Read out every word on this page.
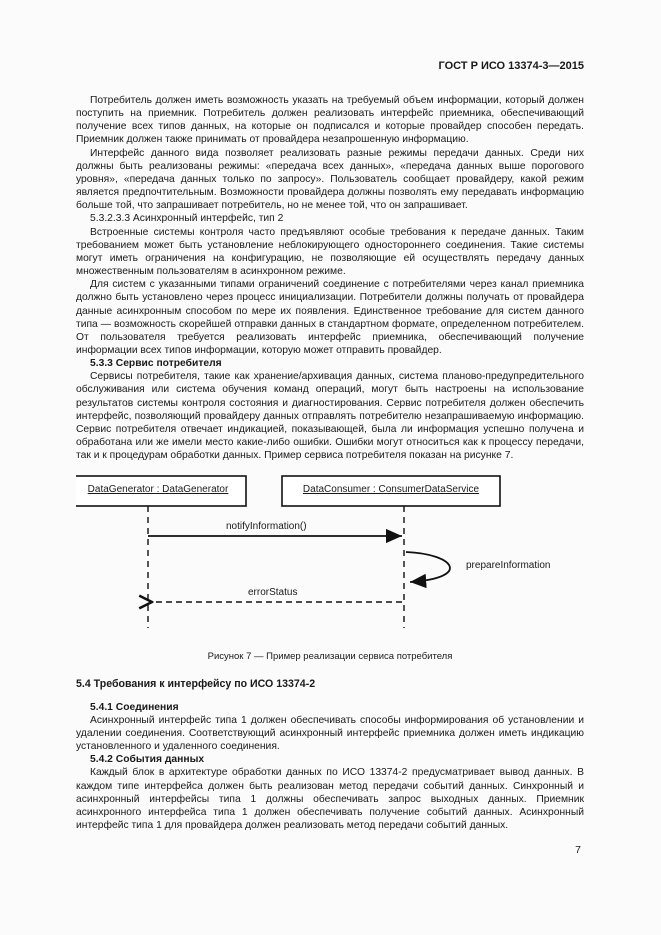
ГОСТ Р ИСО 13374-3—2015

Потребитель должен иметь возможность указать на требуемый объем информации, который должен поступить на приемник. Потребитель должен реализовать интерфейс приемника, обеспечивающий получение всех типов данных, на которые он подписался и которые провайдер способен передать. Приемник должен также принимать от провайдера незапрошенную информацию.

Интерфейс данного вида позволяет реализовать разные режимы передачи данных. Среди них должны быть реализованы режимы: «передача всех данных», «передача данных выше порогового уровня», «передача данных только по запросу». Пользователь сообщает провайдеру, какой режим является предпочтительным. Возможности провайдера должны позволять ему передавать информацию больше той, что запрашивает потребитель, но не менее той, что он запрашивает.

5.3.2.3.3 Асинхронный интерфейс, тип 2

Встроенные системы контроля часто предъявляют особые требования к передаче данных. Таким требованием может быть установление неблокирующего одностороннего соединения. Такие системы могут иметь ограничения на конфигурацию, не позволяющие ей осуществлять передачу данных множественным пользователям в асинхронном режиме.

Для систем с указанными типами ограничений соединение с потребителями через канал приемника должно быть установлено через процесс инициализации. Потребители должны получать от провайдера данные асинхронным способом по мере их появления. Единственное требование для систем данного типа — возможность скорейшей отправки данных в стандартном формате, определенном потребителем. От пользователя требуется реализовать интерфейс приемника, обеспечивающий получение информации всех типов информации, которую может отправить провайдер.

5.3.3 Сервис потребителя

Сервисы потребителя, такие как хранение/архивация данных, система планово-предупредительного обслуживания или система обучения команд операций, могут быть настроены на использование результатов системы контроля состояния и диагностирования. Сервис потребителя должен обеспечить интерфейс, позволяющий провайдеру данных отправлять потребителю незапрашиваемую информацию. Сервис потребителя отвечает индикацией, показывающей, была ли информация успешно получена и обработана или же имели место какие-либо ошибки. Ошибки могут относиться как к процессу передачи, так и к процедурам обработки данных. Пример сервиса потребителя показан на рисунке 7.

DataGenerator : DataGenerator	DataConsumer : ConsumerDataService
notifyInformation()
prepareInformation
errorStatus
Рисунок 7 — Пример реализации сервиса потребителя
5.4 Требования к интерфейсу по ИСО 13374-2
5.4.1 Соединения

Асинхронный интерфейс типа 1 должен обеспечивать способы информирования об установлении и удалении соединения. Соответствующий асинхронный интерфейс приемника должен иметь индикацию установленного и удаленного соединения.

5.4.2 События данных

Каждый блок в архитектуре обработки данных по ИСО 13374-2 предусматривает вывод данных. В каждом типе интерфейса должен быть реализован метод передачи событий данных. Синхронный и асинхронный интерфейсы типа 1 должны обеспечивать запрос выходных данных. Приемник асинхронного интерфейса типа 1 должен обеспечивать получение событий данных. Асинхронный интерфейс типа 1 для провайдера должен реализовать метод передачи событий данных.

7
